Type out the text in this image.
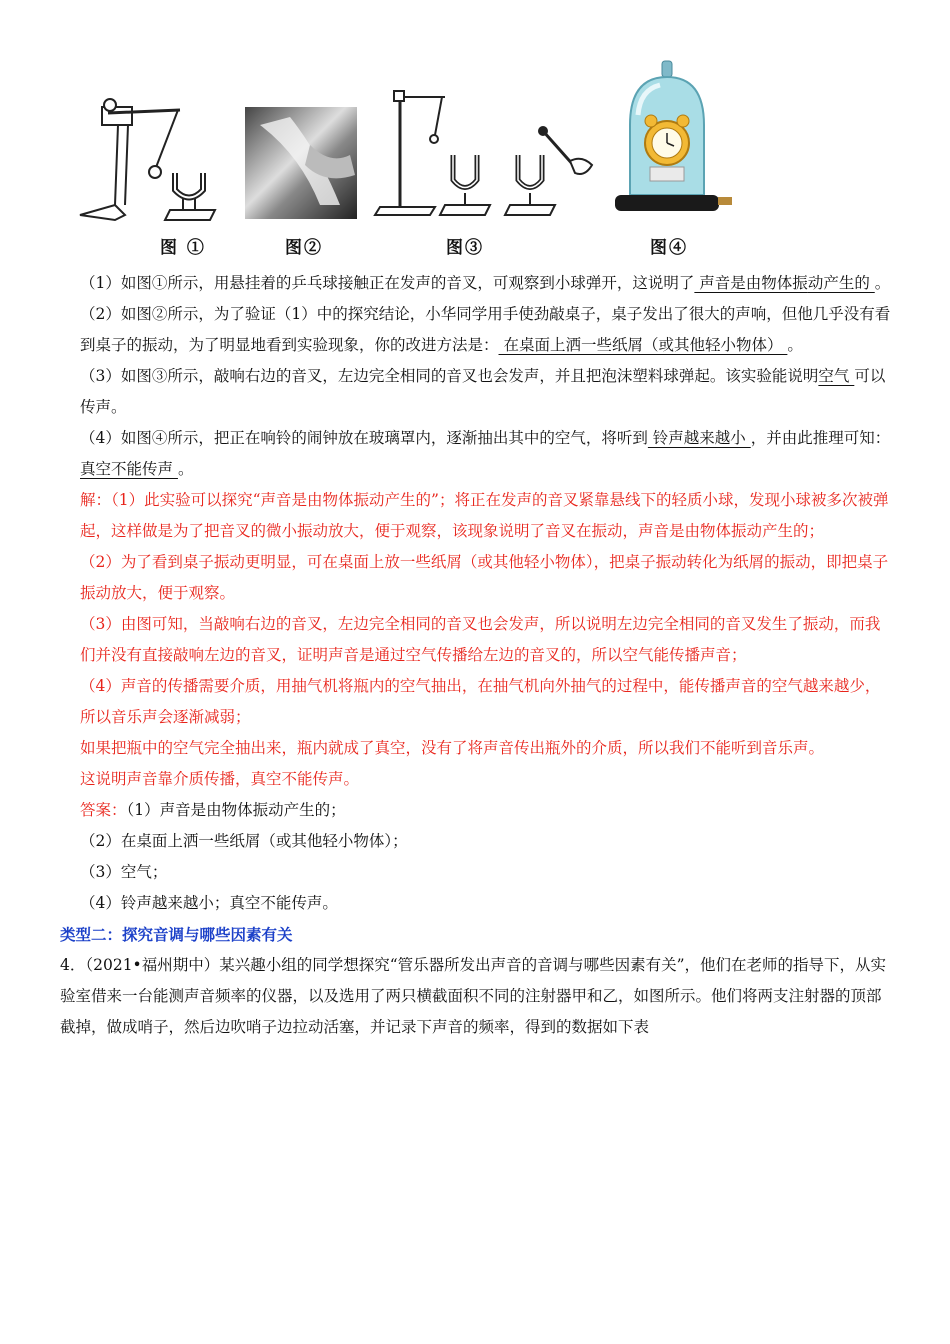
图 ①	图②	图③	图④

（1）如图①所示，用悬挂着的乒乓球接触正在发声的音叉，可观察到小球弹开，这说明了 声音是由物体振动产生的 。

（2）如图②所示，为了验证（1）中的探究结论，小华同学用手使劲敲桌子，桌子发出了很大的声响，但他几乎没有看到桌子的振动，为了明显地看到实验现象，你的改进方法是： 在桌面上洒一些纸屑（或其他轻小物体） 。

（3）如图③所示，敲响右边的音叉，左边完全相同的音叉也会发声，并且把泡沫塑料球弹起。该实验能说明空气 可以传声。

（4）如图④所示，把正在响铃的闹钟放在玻璃罩内，逐渐抽出其中的空气，将听到 铃声越来越小 ，并由此推理可知： 真空不能传声 。

解：（1）此实验可以探究“声音是由物体振动产生的”；将正在发声的音叉紧靠悬线下的轻质小球，发现小球被多次被弹起，这样做是为了把音叉的微小振动放大，便于观察，该现象说明了音叉在振动，声音是由物体振动产生的；

（2）为了看到桌子振动更明显，可在桌面上放一些纸屑（或其他轻小物体），把桌子振动转化为纸屑的振动，即把桌子振动放大，便于观察。

（3）由图可知，当敲响右边的音叉，左边完全相同的音叉也会发声，所以说明左边完全相同的音叉发生了振动，而我们并没有直接敲响左边的音叉，证明声音是通过空气传播给左边的音叉的，所以空气能传播声音；

（4）声音的传播需要介质，用抽气机将瓶内的空气抽出，在抽气机向外抽气的过程中，能传播声音的空气越来越少，所以音乐声会逐渐减弱；

如果把瓶中的空气完全抽出来，瓶内就成了真空，没有了将声音传出瓶外的介质，所以我们不能听到音乐声。

这说明声音靠介质传播，真空不能传声。

答案：（1）声音是由物体振动产生的；

（2）在桌面上洒一些纸屑（或其他轻小物体）；

（3）空气；

（4）铃声越来越小；真空不能传声。

类型二：探究音调与哪些因素有关

4．（2021•福州期中）某兴趣小组的同学想探究“管乐器所发出声音的音调与哪些因素有关”，他们在老师的指导下，从实验室借来一台能测声音频率的仪器，以及选用了两只横截面积不同的注射器甲和乙，如图所示。他们将两支注射器的顶部截掉，做成哨子，然后边吹哨子边拉动活塞，并记录下声音的频率，得到的数据如下表
